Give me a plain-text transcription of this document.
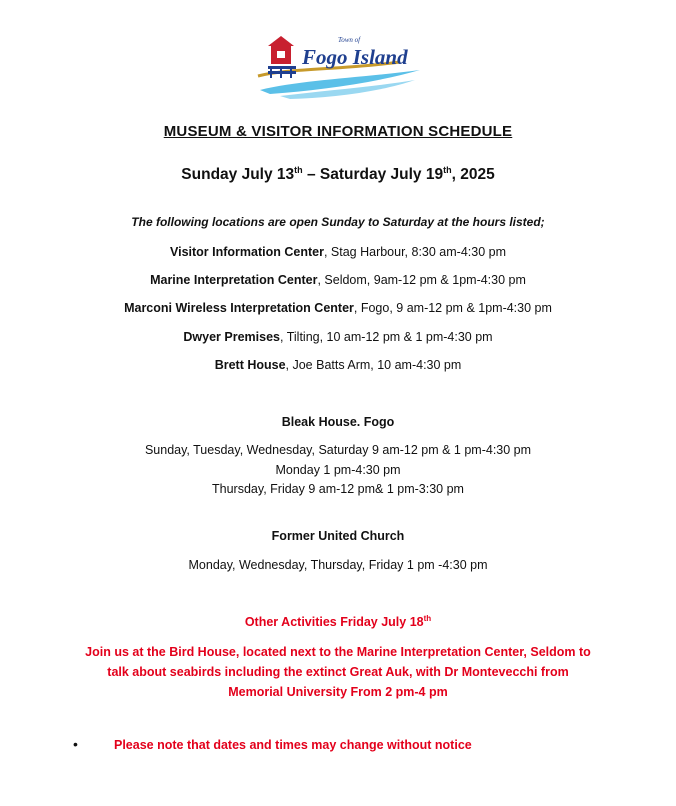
Town of
Fogo Island
MUSEUM & VISITOR INFORMATION SCHEDULE
Sunday July 13th – Saturday July 19th, 2025
The following locations are open Sunday to Saturday at the hours listed;
Visitor Information Center, Stag Harbour, 8:30 am-4:30 pm
Marine Interpretation Center, Seldom, 9am-12 pm & 1pm-4:30 pm
Marconi Wireless Interpretation Center, Fogo, 9 am-12 pm & 1pm-4:30 pm
Dwyer Premises, Tilting, 10 am-12 pm & 1 pm-4:30 pm
Brett House, Joe Batts Arm, 10 am-4:30 pm
Bleak House. Fogo
Sunday, Tuesday, Wednesday, Saturday 9 am-12 pm & 1 pm-4:30 pm
Monday 1 pm-4:30 pm
Thursday, Friday 9 am-12 pm& 1 pm-3:30 pm
Former United Church
Monday, Wednesday, Thursday, Friday 1 pm -4:30 pm
Other Activities Friday July 18th
Join us at the Bird House, located next to the Marine Interpretation Center, Seldom to
talk about seabirds including the extinct Great Auk, with Dr Montevecchi from
Memorial University From 2 pm-4 pm
•	Please note that dates and times may change without notice
